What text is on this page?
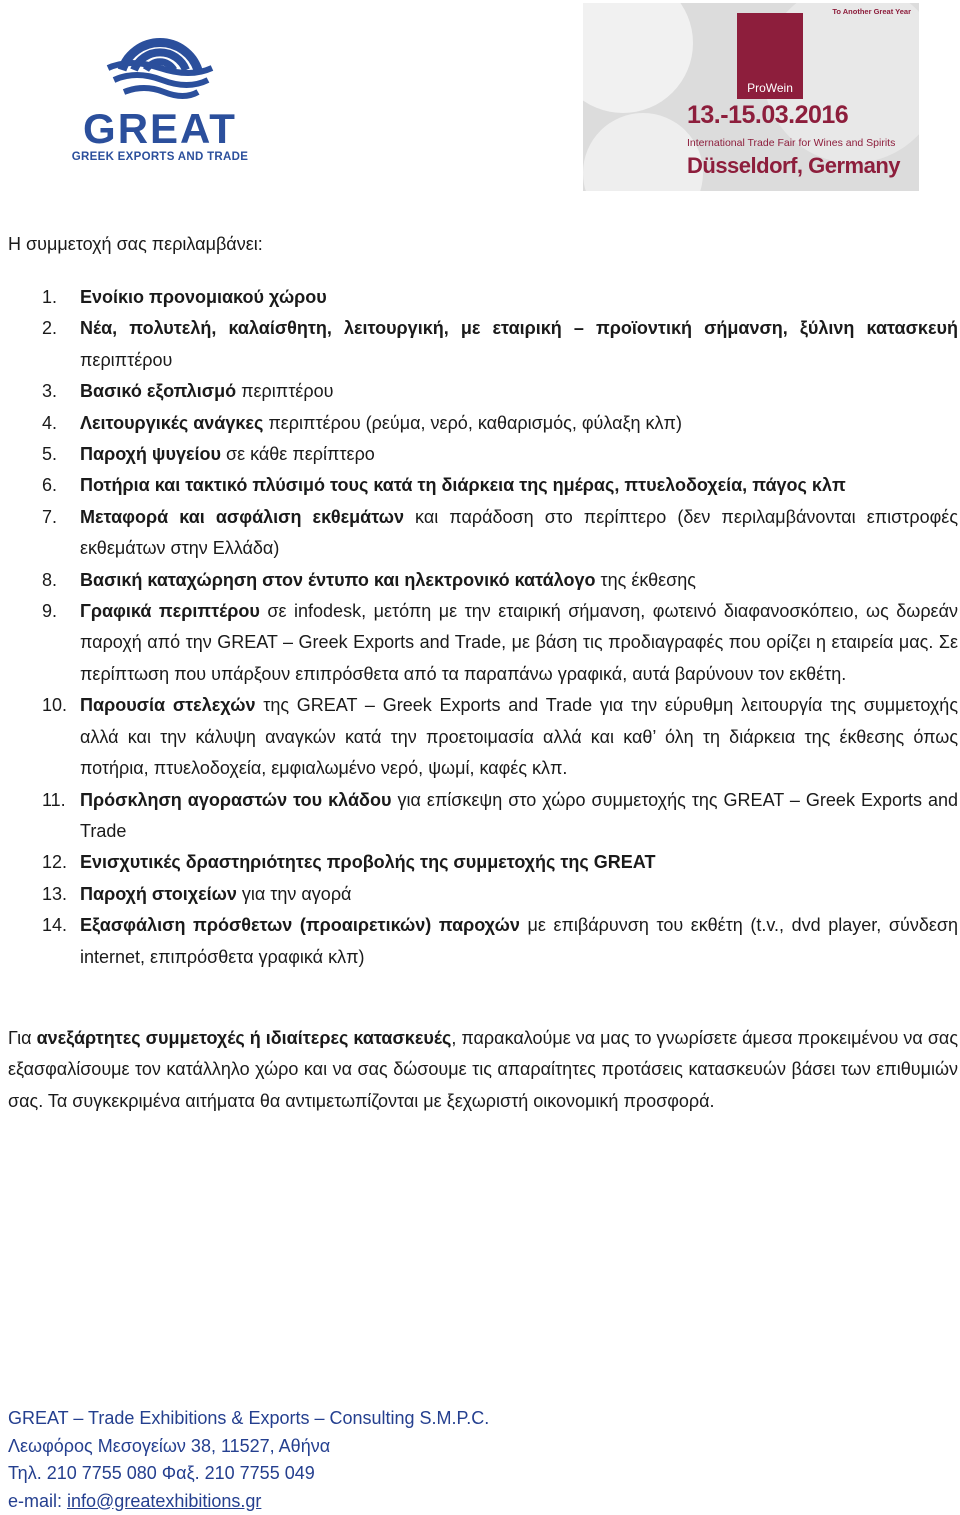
GREAT
GREEK EXPORTS AND TRADE
To Another Great Year
ProWein
13.-15.03.2016
International Trade Fair for Wines and Spirits
Düsseldorf, Germany
Η συμμετοχή σας περιλαμβάνει:
1.	Ενοίκιο προνομιακού χώρου
2.	Νέα, πολυτελή, καλαίσθητη, λειτουργική, με εταιρική – προϊοντική σήμανση, ξύλινη κατασκευή περιπτέρου
3.	Βασικό εξοπλισμό περιπτέρου
4.	Λειτουργικές ανάγκες περιπτέρου (ρεύμα, νερό, καθαρισμός, φύλαξη κλπ)
5.	Παροχή ψυγείου σε κάθε περίπτερο
6.	Ποτήρια και τακτικό πλύσιμό τους κατά τη διάρκεια της ημέρας, πτυελοδοχεία, πάγος κλπ
7.	Μεταφορά και ασφάλιση εκθεμάτων και παράδοση στο περίπτερο (δεν περιλαμβάνονται επιστροφές εκθεμάτων στην Ελλάδα)
8.	Βασική καταχώρηση στον έντυπο και ηλεκτρονικό κατάλογο της έκθεσης
9.	Γραφικά περιπτέρου σε infodesk, μετόπη με την εταιρική σήμανση, φωτεινό διαφανοσκόπειο, ως δωρεάν παροχή από την GREAT – Greek Exports and Trade, με βάση τις προδιαγραφές που ορίζει η εταιρεία μας. Σε περίπτωση που υπάρξουν επιπρόσθετα από τα παραπάνω γραφικά, αυτά βαρύνουν τον εκθέτη.
10. Παρουσία στελεχών της GREAT – Greek Exports and Trade για την εύρυθμη λειτουργία της συμμετοχής αλλά και την κάλυψη αναγκών κατά την προετοιμασία αλλά και καθ’ όλη τη διάρκεια της έκθεσης όπως ποτήρια, πτυελοδοχεία, εμφιαλωμένο νερό, ψωμί, καφές κλπ.
11. Πρόσκληση αγοραστών του κλάδου για επίσκεψη στο χώρο συμμετοχής της GREAT – Greek Exports and Trade
12. Ενισχυτικές δραστηριότητες προβολής της συμμετοχής της GREAT
13. Παροχή στοιχείων για την αγορά
14. Εξασφάλιση πρόσθετων (προαιρετικών) παροχών με επιβάρυνση του εκθέτη (t.v., dvd player, σύνδεση internet, επιπρόσθετα γραφικά κλπ)

Για ανεξάρτητες συμμετοχές ή ιδιαίτερες κατασκευές, παρακαλούμε να μας το γνωρίσετε άμεσα προκειμένου να σας εξασφαλίσουμε τον κατάλληλο χώρο και να σας δώσουμε τις απαραίτητες προτάσεις κατασκευών βάσει των επιθυμιών σας. Τα συγκεκριμένα αιτήματα θα αντιμετωπίζονται με ξεχωριστή οικονομική προσφορά.

GREAT – Trade Exhibitions & Exports – Consulting S.M.P.C.
Λεωφόρος Μεσογείων 38, 11527, Αθήνα
Τηλ. 210 7755 080 Φαξ. 210 7755 049
e-mail: info@greatexhibitions.gr
